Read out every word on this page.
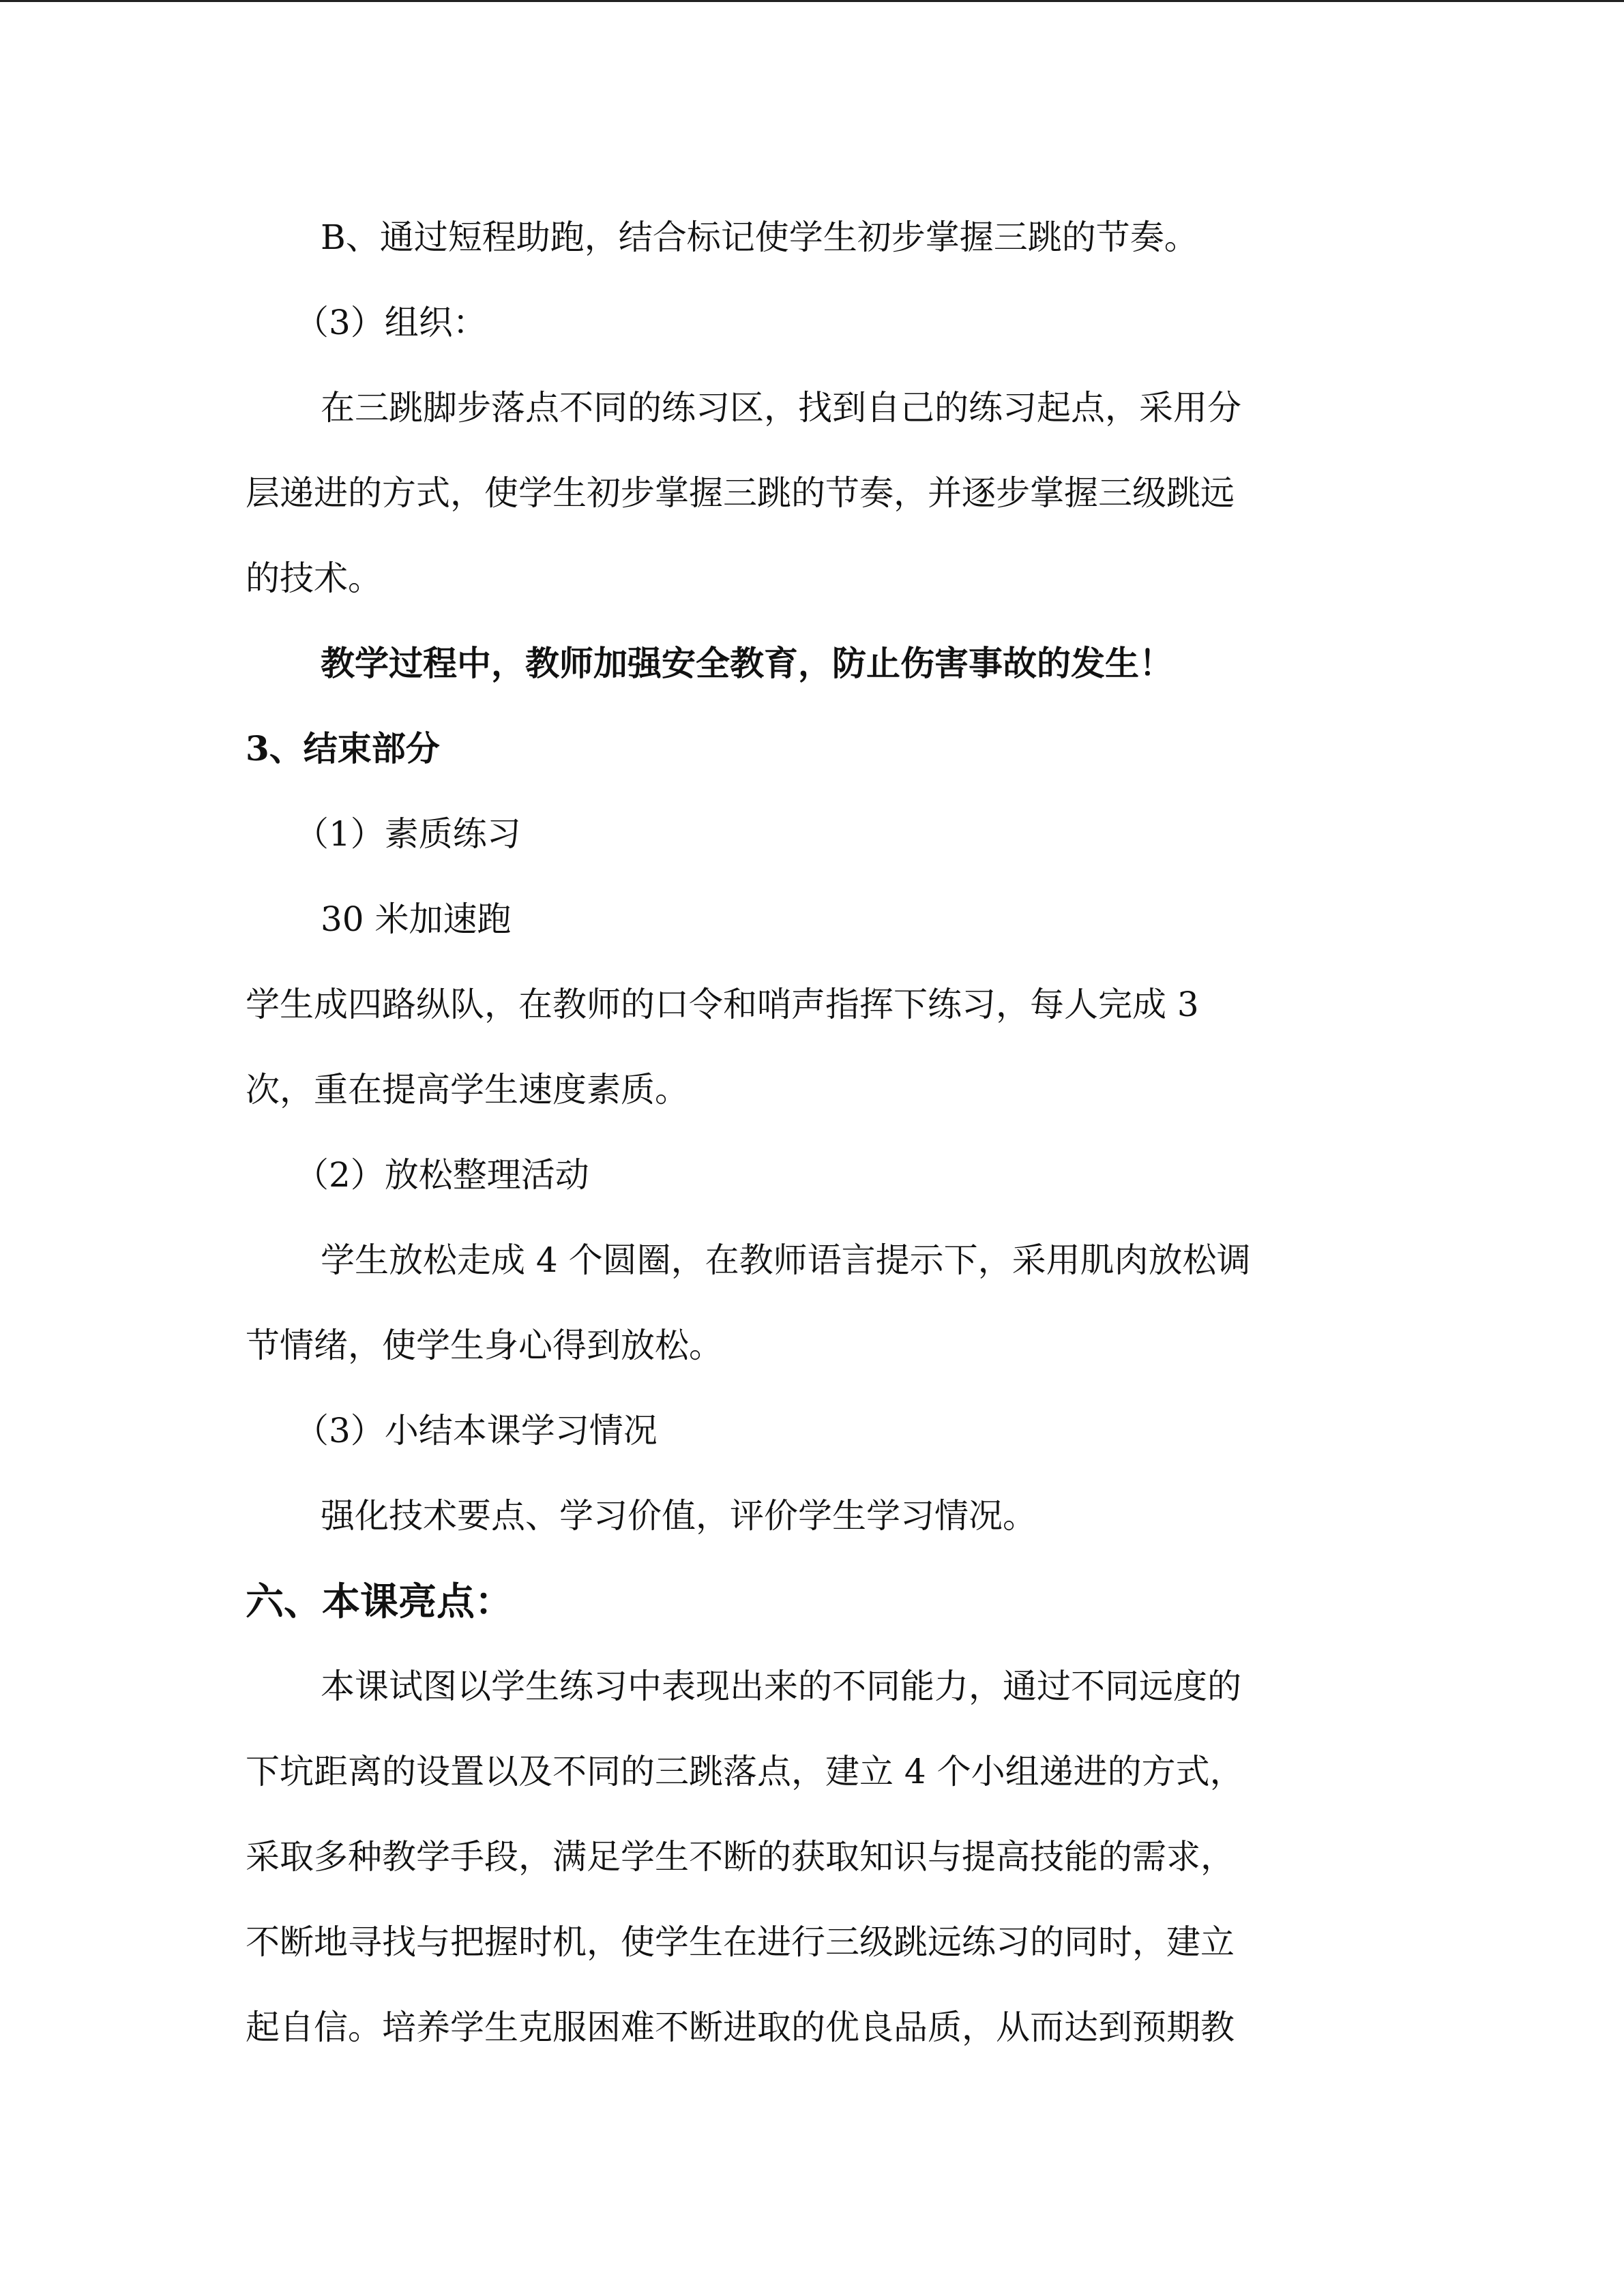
B、通过短程助跑，结合标记使学生初步掌握三跳的节奏。
（3）组织：
在三跳脚步落点不同的练习区，找到自己的练习起点，采用分
层递进的方式，使学生初步掌握三跳的节奏，并逐步掌握三级跳远
的技术。
教学过程中，教师加强安全教育，防止伤害事故的发生！
3、结束部分
（1）素质练习
30 米加速跑
学生成四路纵队，在教师的口令和哨声指挥下练习，每人完成 3
次，重在提高学生速度素质。
（2）放松整理活动
学生放松走成 4 个圆圈，在教师语言提示下，采用肌肉放松调
节情绪，使学生身心得到放松。
（3）小结本课学习情况
强化技术要点、学习价值，评价学生学习情况。
六、本课亮点：
本课试图以学生练习中表现出来的不同能力，通过不同远度的
下坑距离的设置以及不同的三跳落点，建立 4 个小组递进的方式，
采取多种教学手段，满足学生不断的获取知识与提高技能的需求，
不断地寻找与把握时机，使学生在进行三级跳远练习的同时，建立
起自信。培养学生克服困难不断进取的优良品质，从而达到预期教
